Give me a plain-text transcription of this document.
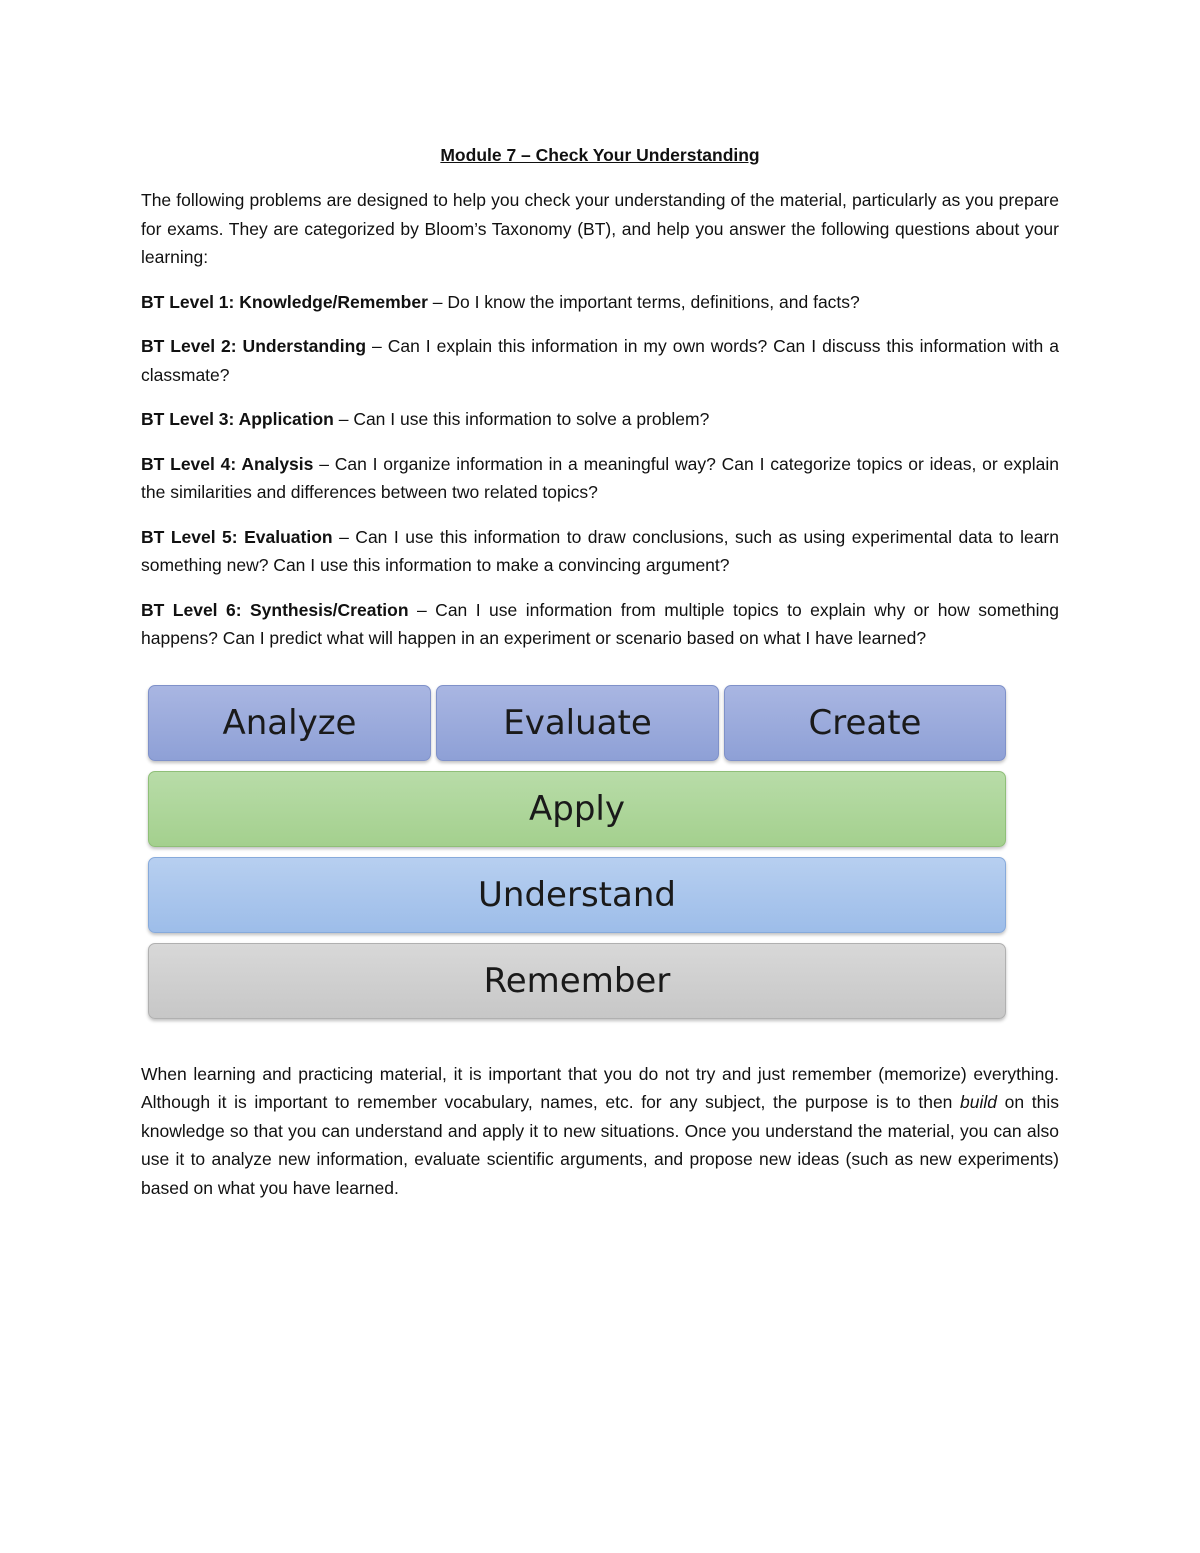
Module 7 – Check Your Understanding

The following problems are designed to help you check your understanding of the material, particularly as you prepare for exams. They are categorized by Bloom’s Taxonomy (BT), and help you answer the following questions about your learning:

BT Level 1: Knowledge/Remember – Do I know the important terms, definitions, and facts?

BT Level 2: Understanding – Can I explain this information in my own words? Can I discuss this information with a classmate?

BT Level 3: Application – Can I use this information to solve a problem?

BT Level 4: Analysis – Can I organize information in a meaningful way? Can I categorize topics or ideas, or explain the similarities and differences between two related topics?

BT Level 5: Evaluation – Can I use this information to draw conclusions, such as using experimental data to learn something new? Can I use this information to make a convincing argument?

BT Level 6: Synthesis/Creation – Can I use information from multiple topics to explain why or how something happens? Can I predict what will happen in an experiment or scenario based on what I have learned?

Analyze	Evaluate	Create
Apply
Understand
Remember

When learning and practicing material, it is important that you do not try and just remember (memorize) everything. Although it is important to remember vocabulary, names, etc. for any subject, the purpose is to then build on this knowledge so that you can understand and apply it to new situations. Once you understand the material, you can also use it to analyze new information, evaluate scientific arguments, and propose new ideas (such as new experiments) based on what you have learned.
